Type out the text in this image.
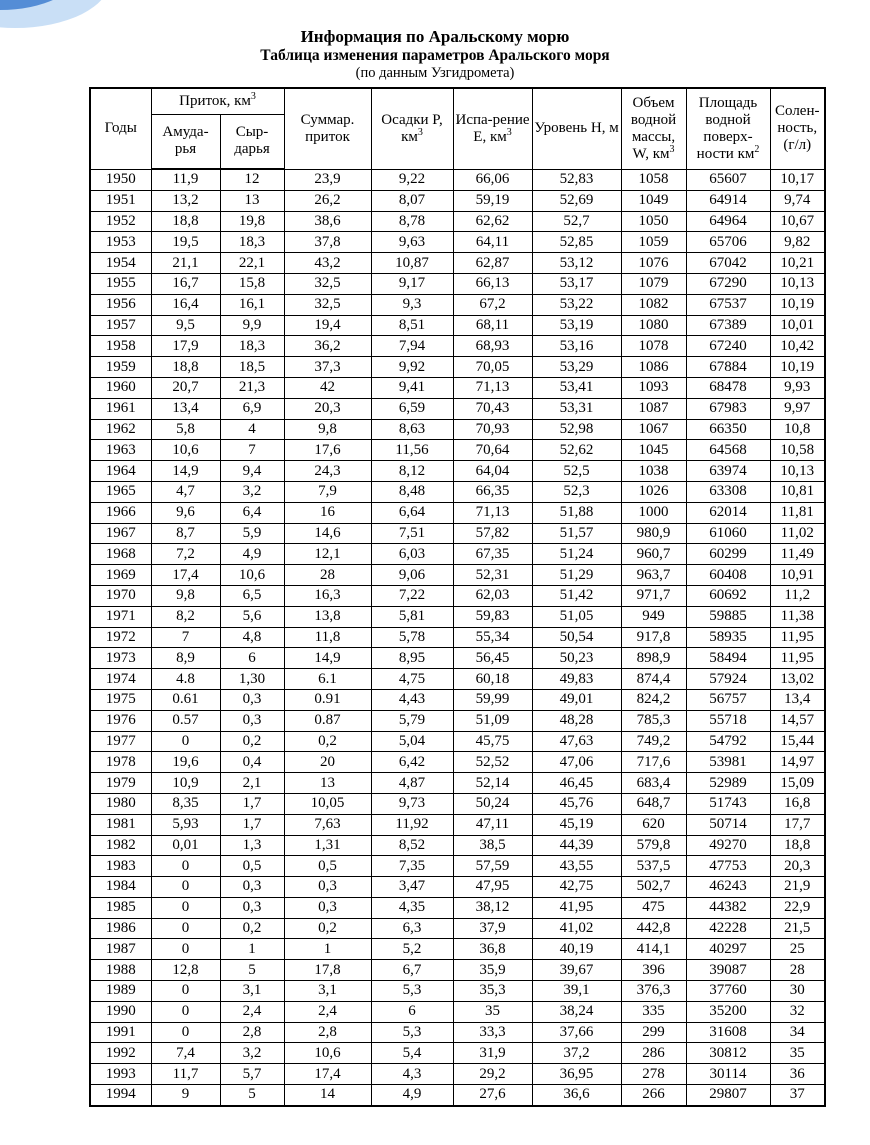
Информация по Аральскому морю
Таблица изменения параметров Аральского моря
(по данным Узгидромета)
Годы	Приток, $км^3$		Суммар. приток	Осадки P, $км^3$	Испа-рение E, $км^3$	Уровень H, м	Объем водной массы, W, $км^3$	Площадь водной поверх-ности $км^2$	Солен-ность, (г/л)
	Амуда-рья	Сыр-дарья							
1950	11,9	12	23,9	9,22	66,06	52,83	1058	65607	10,17
1951	13,2	13	26,2	8,07	59,19	52,69	1049	64914	9,74
1952	18,8	19,8	38,6	8,78	62,62	52,7	1050	64964	10,67
1953	19,5	18,3	37,8	9,63	64,11	52,85	1059	65706	9,82
1954	21,1	22,1	43,2	10,87	62,87	53,12	1076	67042	10,21
1955	16,7	15,8	32,5	9,17	66,13	53,17	1079	67290	10,13
1956	16,4	16,1	32,5	9,3	67,2	53,22	1082	67537	10,19
1957	9,5	9,9	19,4	8,51	68,11	53,19	1080	67389	10,01
1958	17,9	18,3	36,2	7,94	68,93	53,16	1078	67240	10,42
1959	18,8	18,5	37,3	9,92	70,05	53,29	1086	67884	10,19
1960	20,7	21,3	42	9,41	71,13	53,41	1093	68478	9,93
1961	13,4	6,9	20,3	6,59	70,43	53,31	1087	67983	9,97
1962	5,8	4	9,8	8,63	70,93	52,98	1067	66350	10,8
1963	10,6	7	17,6	11,56	70,64	52,62	1045	64568	10,58
1964	14,9	9,4	24,3	8,12	64,04	52,5	1038	63974	10,13
1965	4,7	3,2	7,9	8,48	66,35	52,3	1026	63308	10,81
1966	9,6	6,4	16	6,64	71,13	51,88	1000	62014	11,81
1967	8,7	5,9	14,6	7,51	57,82	51,57	980,9	61060	11,02
1968	7,2	4,9	12,1	6,03	67,35	51,24	960,7	60299	11,49
1969	17,4	10,6	28	9,06	52,31	51,29	963,7	60408	10,91
1970	9,8	6,5	16,3	7,22	62,03	51,42	971,7	60692	11,2
1971	8,2	5,6	13,8	5,81	59,83	51,05	949	59885	11,38
1972	7	4,8	11,8	5,78	55,34	50,54	917,8	58935	11,95
1973	8,9	6	14,9	8,95	56,45	50,23	898,9	58494	11,95
1974	4.8	1,30	6.1	4,75	60,18	49,83	874,4	57924	13,02
1975	0.61	0,3	0.91	4,43	59,99	49,01	824,2	56757	13,4
1976	0.57	0,3	0.87	5,79	51,09	48,28	785,3	55718	14,57
1977	0	0,2	0,2	5,04	45,75	47,63	749,2	54792	15,44
1978	19,6	0,4	20	6,42	52,52	47,06	717,6	53981	14,97
1979	10,9	2,1	13	4,87	52,14	46,45	683,4	52989	15,09
1980	8,35	1,7	10,05	9,73	50,24	45,76	648,7	51743	16,8
1981	5,93	1,7	7,63	11,92	47,11	45,19	620	50714	17,7
1982	0,01	1,3	1,31	8,52	38,5	44,39	579,8	49270	18,8
1983	0	0,5	0,5	7,35	57,59	43,55	537,5	47753	20,3
1984	0	0,3	0,3	3,47	47,95	42,75	502,7	46243	21,9
1985	0	0,3	0,3	4,35	38,12	41,95	475	44382	22,9
1986	0	0,2	0,2	6,3	37,9	41,02	442,8	42228	21,5
1987	0	1	1	5,2	36,8	40,19	414,1	40297	25
1988	12,8	5	17,8	6,7	35,9	39,67	396	39087	28
1989	0	3,1	3,1	5,3	35,3	39,1	376,3	37760	30
1990	0	2,4	2,4	6	35	38,24	335	35200	32
1991	0	2,8	2,8	5,3	33,3	37,66	299	31608	34
1992	7,4	3,2	10,6	5,4	31,9	37,2	286	30812	35
1993	11,7	5,7	17,4	4,3	29,2	36,95	278	30114	36
1994	9	5	14	4,9	27,6	36,6	266	29807	37
